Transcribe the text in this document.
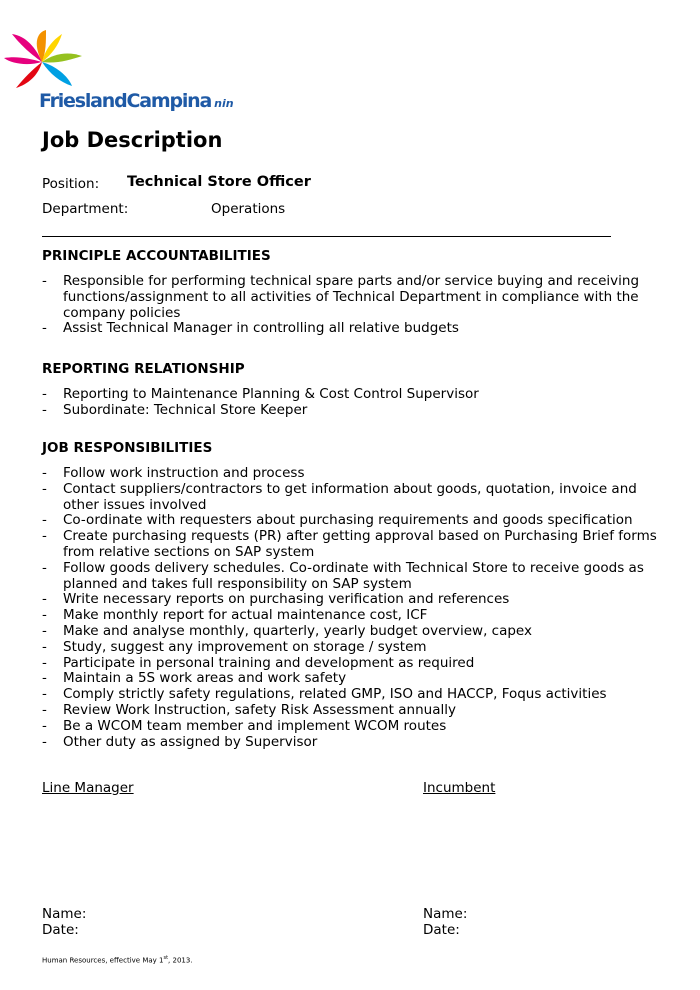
FrieslandCampina nin
Job Description
Position: Technical Store Officer
Department:	Operations
PRINCIPLE ACCOUNTABILITIES
- Responsible for performing technical spare parts and/or service buying and receiving functions/assignment to all activities of Technical Department in compliance with the company policies
- Assist Technical Manager in controlling all relative budgets
REPORTING RELATIONSHIP
- Reporting to Maintenance Planning & Cost Control Supervisor
- Subordinate: Technical Store Keeper
JOB RESPONSIBILITIES
- Follow work instruction and process
- Contact suppliers/contractors to get information about goods, quotation, invoice and other issues involved
- Co-ordinate with requesters about purchasing requirements and goods specification
- Create purchasing requests (PR) after getting approval based on Purchasing Brief forms from relative sections on SAP system
- Follow goods delivery schedules. Co-ordinate with Technical Store to receive goods as planned and takes full responsibility on SAP system
- Write necessary reports on purchasing verification and references
- Make monthly report for actual maintenance cost, ICF
- Make and analyse monthly, quarterly, yearly budget overview, capex
- Study, suggest any improvement on storage / system
- Participate in personal training and development as required
- Maintain a 5S work areas and work safety
- Comply strictly safety regulations, related GMP, ISO and HACCP, Foqus activities
- Review Work Instruction, safety Risk Assessment annually
- Be a WCOM team member and implement WCOM routes
- Other duty as assigned by Supervisor
Line Manager	Incumbent
Name:
Date:
Name:
Date:
Human Resources, effective May 1st, 2013.
